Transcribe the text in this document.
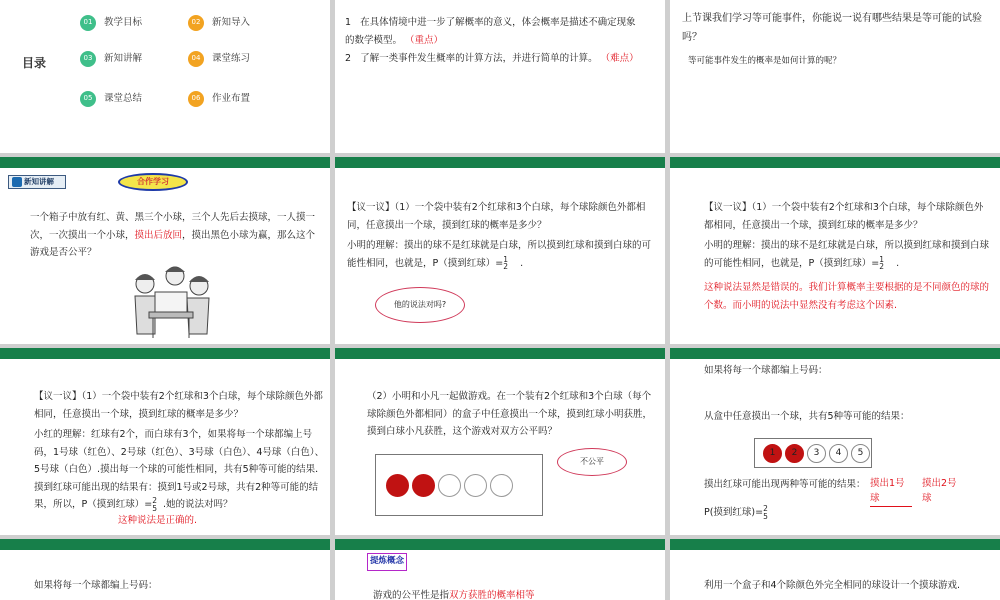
目录
01	教学目标	02	新知导入
03	新知讲解	04	课堂练习
05	课堂总结	06	作业布置
1 在具体情境中进一步了解概率的意义，体会概率是描述不确定现象的数学模型。 （重点）
2 了解一类事件发生概率的计算方法，并进行简单的计算。 （难点）
上节课我们学习等可能事件，你能说一说有哪些结果是等可能的试验吗？
等可能事件发生的概率是如何计算的呢？
新知讲解	合作学习
一个箱子中放有红、黄、黑三个小球，三个人先后去摸球，一人摸一次，一次摸出一个小球，摸出后放回，摸出黑色小球为赢，那么这个游戏是否公平？
【议一议】（1）一个袋中装有2个红球和3个白球，每个球除颜色外都相同，任意摸出一个球，摸到红球的概率是多少？
小明的理解：摸出的球不是红球就是白球，所以摸到红球和摸到白球的可能性相同，也就是，P（摸到红球）= 1
2 .
他的说法对吗?
【议一议】（1）一个袋中装有2个红球和3个白球，每个球除颜色外都相同，任意摸出一个球，摸到红球的概率是多少？
小明的理解：摸出的球不是红球就是白球，所以摸到红球和摸到白球的可能性相同，也就是，P（摸到红球）= 1
2 .
这种说法显然是错误的。我们计算概率主要根据的是不同颜色的球的个数。而小明的说法中显然没有考虑这个因素.
【议一议】（1）一个袋中装有2个红球和3个白球，每个球除颜色外都相同，任意摸出一个球，摸到红球的概率是多少？
小红的理解：红球有2个，而白球有3个，如果将每一个球都编上号码，1号球（红色）、2号球（红色）、3号球（白色）、4号球（白色）、5号球（白色）.摸出每一个球的可能性相同，共有5种等可能的结果．摸到红球可能出现的结果有：摸到1号或2号球，共有2种等可能的结果，所以，P（摸到红球）= 2
5 .她的说法对吗？
这种说法是正确的.
（2）小明和小凡一起做游戏。在一个装有2个红球和3个白球（每个球除颜色外都相同）的盒子中任意摸出一个球，摸到红球小明获胜，摸到白球小凡获胜，这个游戏对双方公平吗？
不公平
如果将每一个球都编上号码：
从盒中任意摸出一个球，共有5种等可能的结果：
1	2	3	4	5
摸出红球可能出现两种等可能的结果： 摸出1号球
摸出2号球
P(摸到红球)= 2
5
如果将每一个球都编上号码：
提炼概念
游戏的公平性是指双方获胜的概率相等
利用一个盒子和4个除颜色外完全相同的球设计一个摸球游戏.
